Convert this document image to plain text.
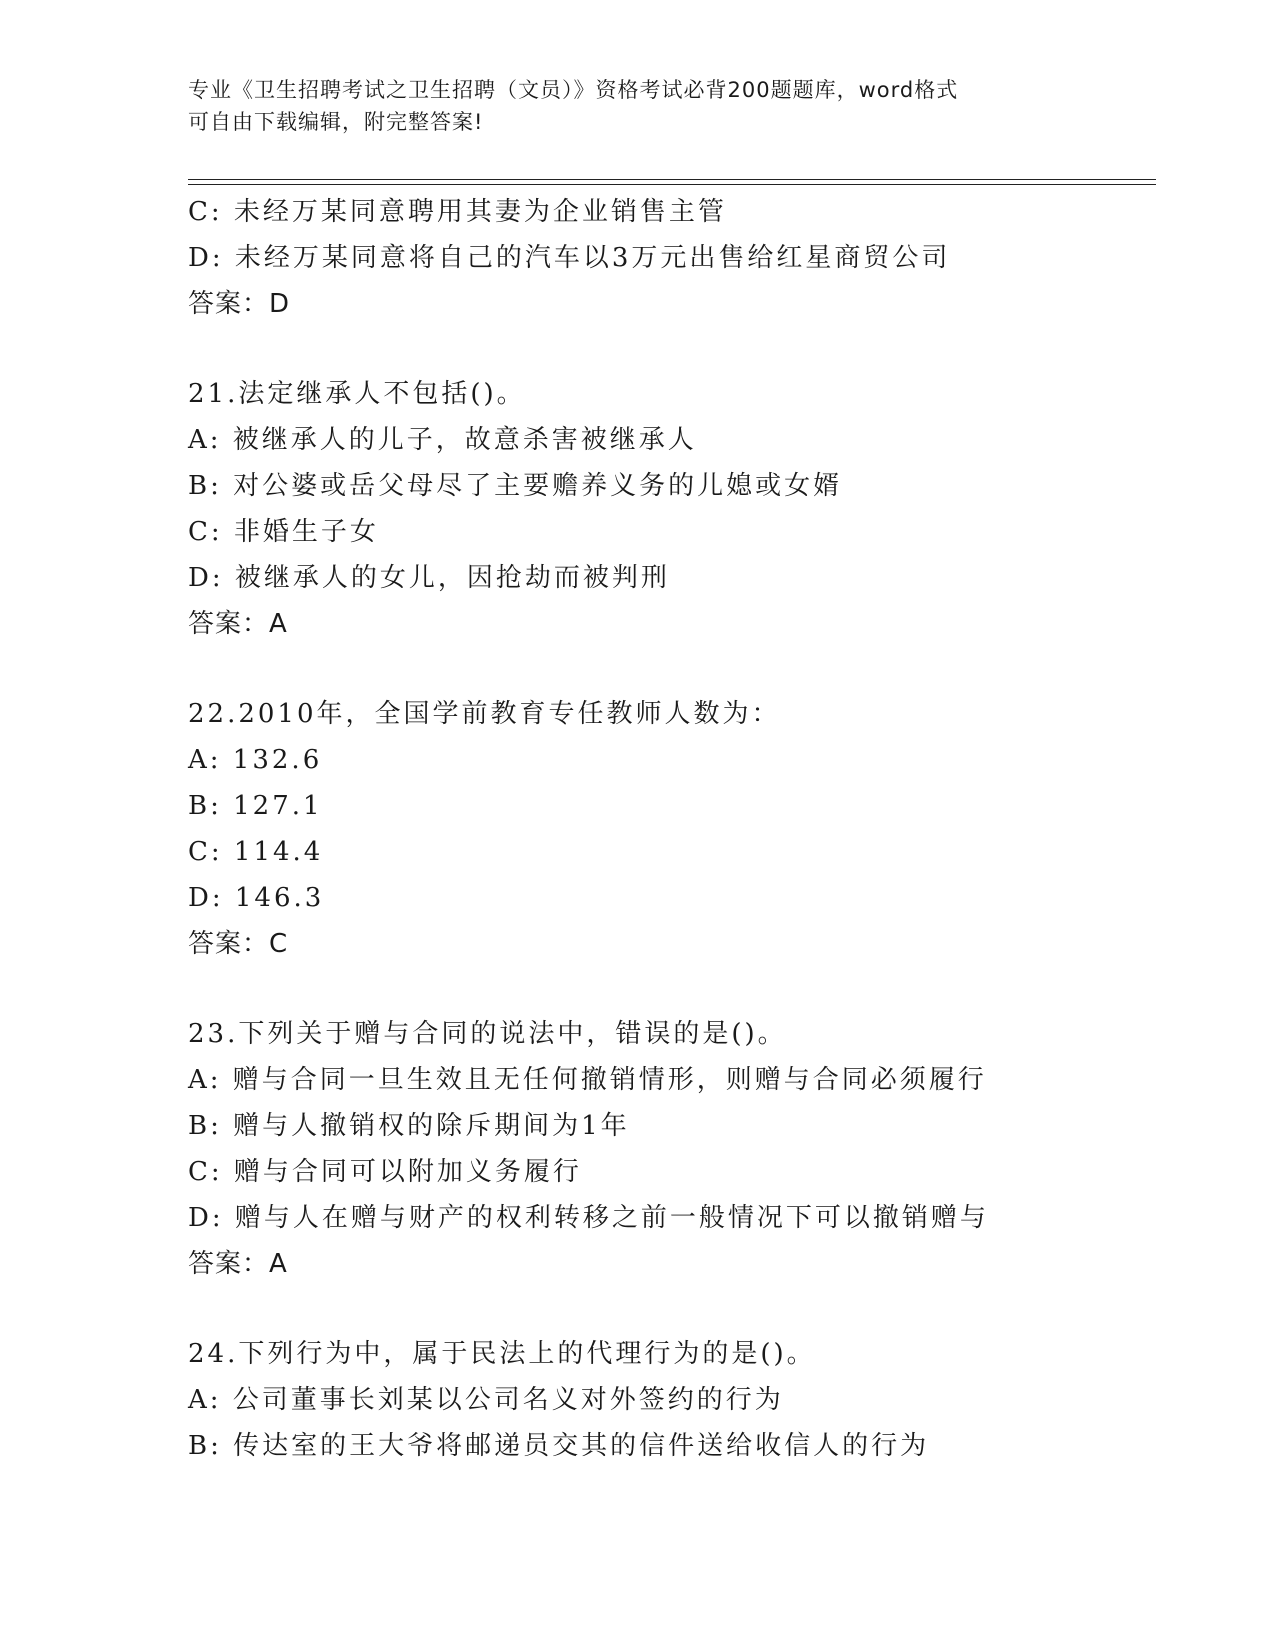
专业《卫生招聘考试之卫生招聘（文员）》资格考试必背200题题库，word格式
可自由下载编辑，附完整答案!
C: 未经万某同意聘用其妻为企业销售主管
D: 未经万某同意将自己的汽车以3万元出售给红星商贸公司
答案：D
21.法定继承人不包括()。
A: 被继承人的儿子，故意杀害被继承人
B: 对公婆或岳父母尽了主要赡养义务的儿媳或女婿
C: 非婚生子女
D: 被继承人的女儿，因抢劫而被判刑
答案：A
22.2010年，全国学前教育专任教师人数为：
A: 132.6
B: 127.1
C: 114.4
D: 146.3
答案：C
23.下列关于赠与合同的说法中，错误的是()。
A: 赠与合同一旦生效且无任何撤销情形，则赠与合同必须履行
B: 赠与人撤销权的除斥期间为1年
C: 赠与合同可以附加义务履行
D: 赠与人在赠与财产的权利转移之前一般情况下可以撤销赠与
答案：A
24.下列行为中，属于民法上的代理行为的是()。
A: 公司董事长刘某以公司名义对外签约的行为
B: 传达室的王大爷将邮递员交其的信件送给收信人的行为
